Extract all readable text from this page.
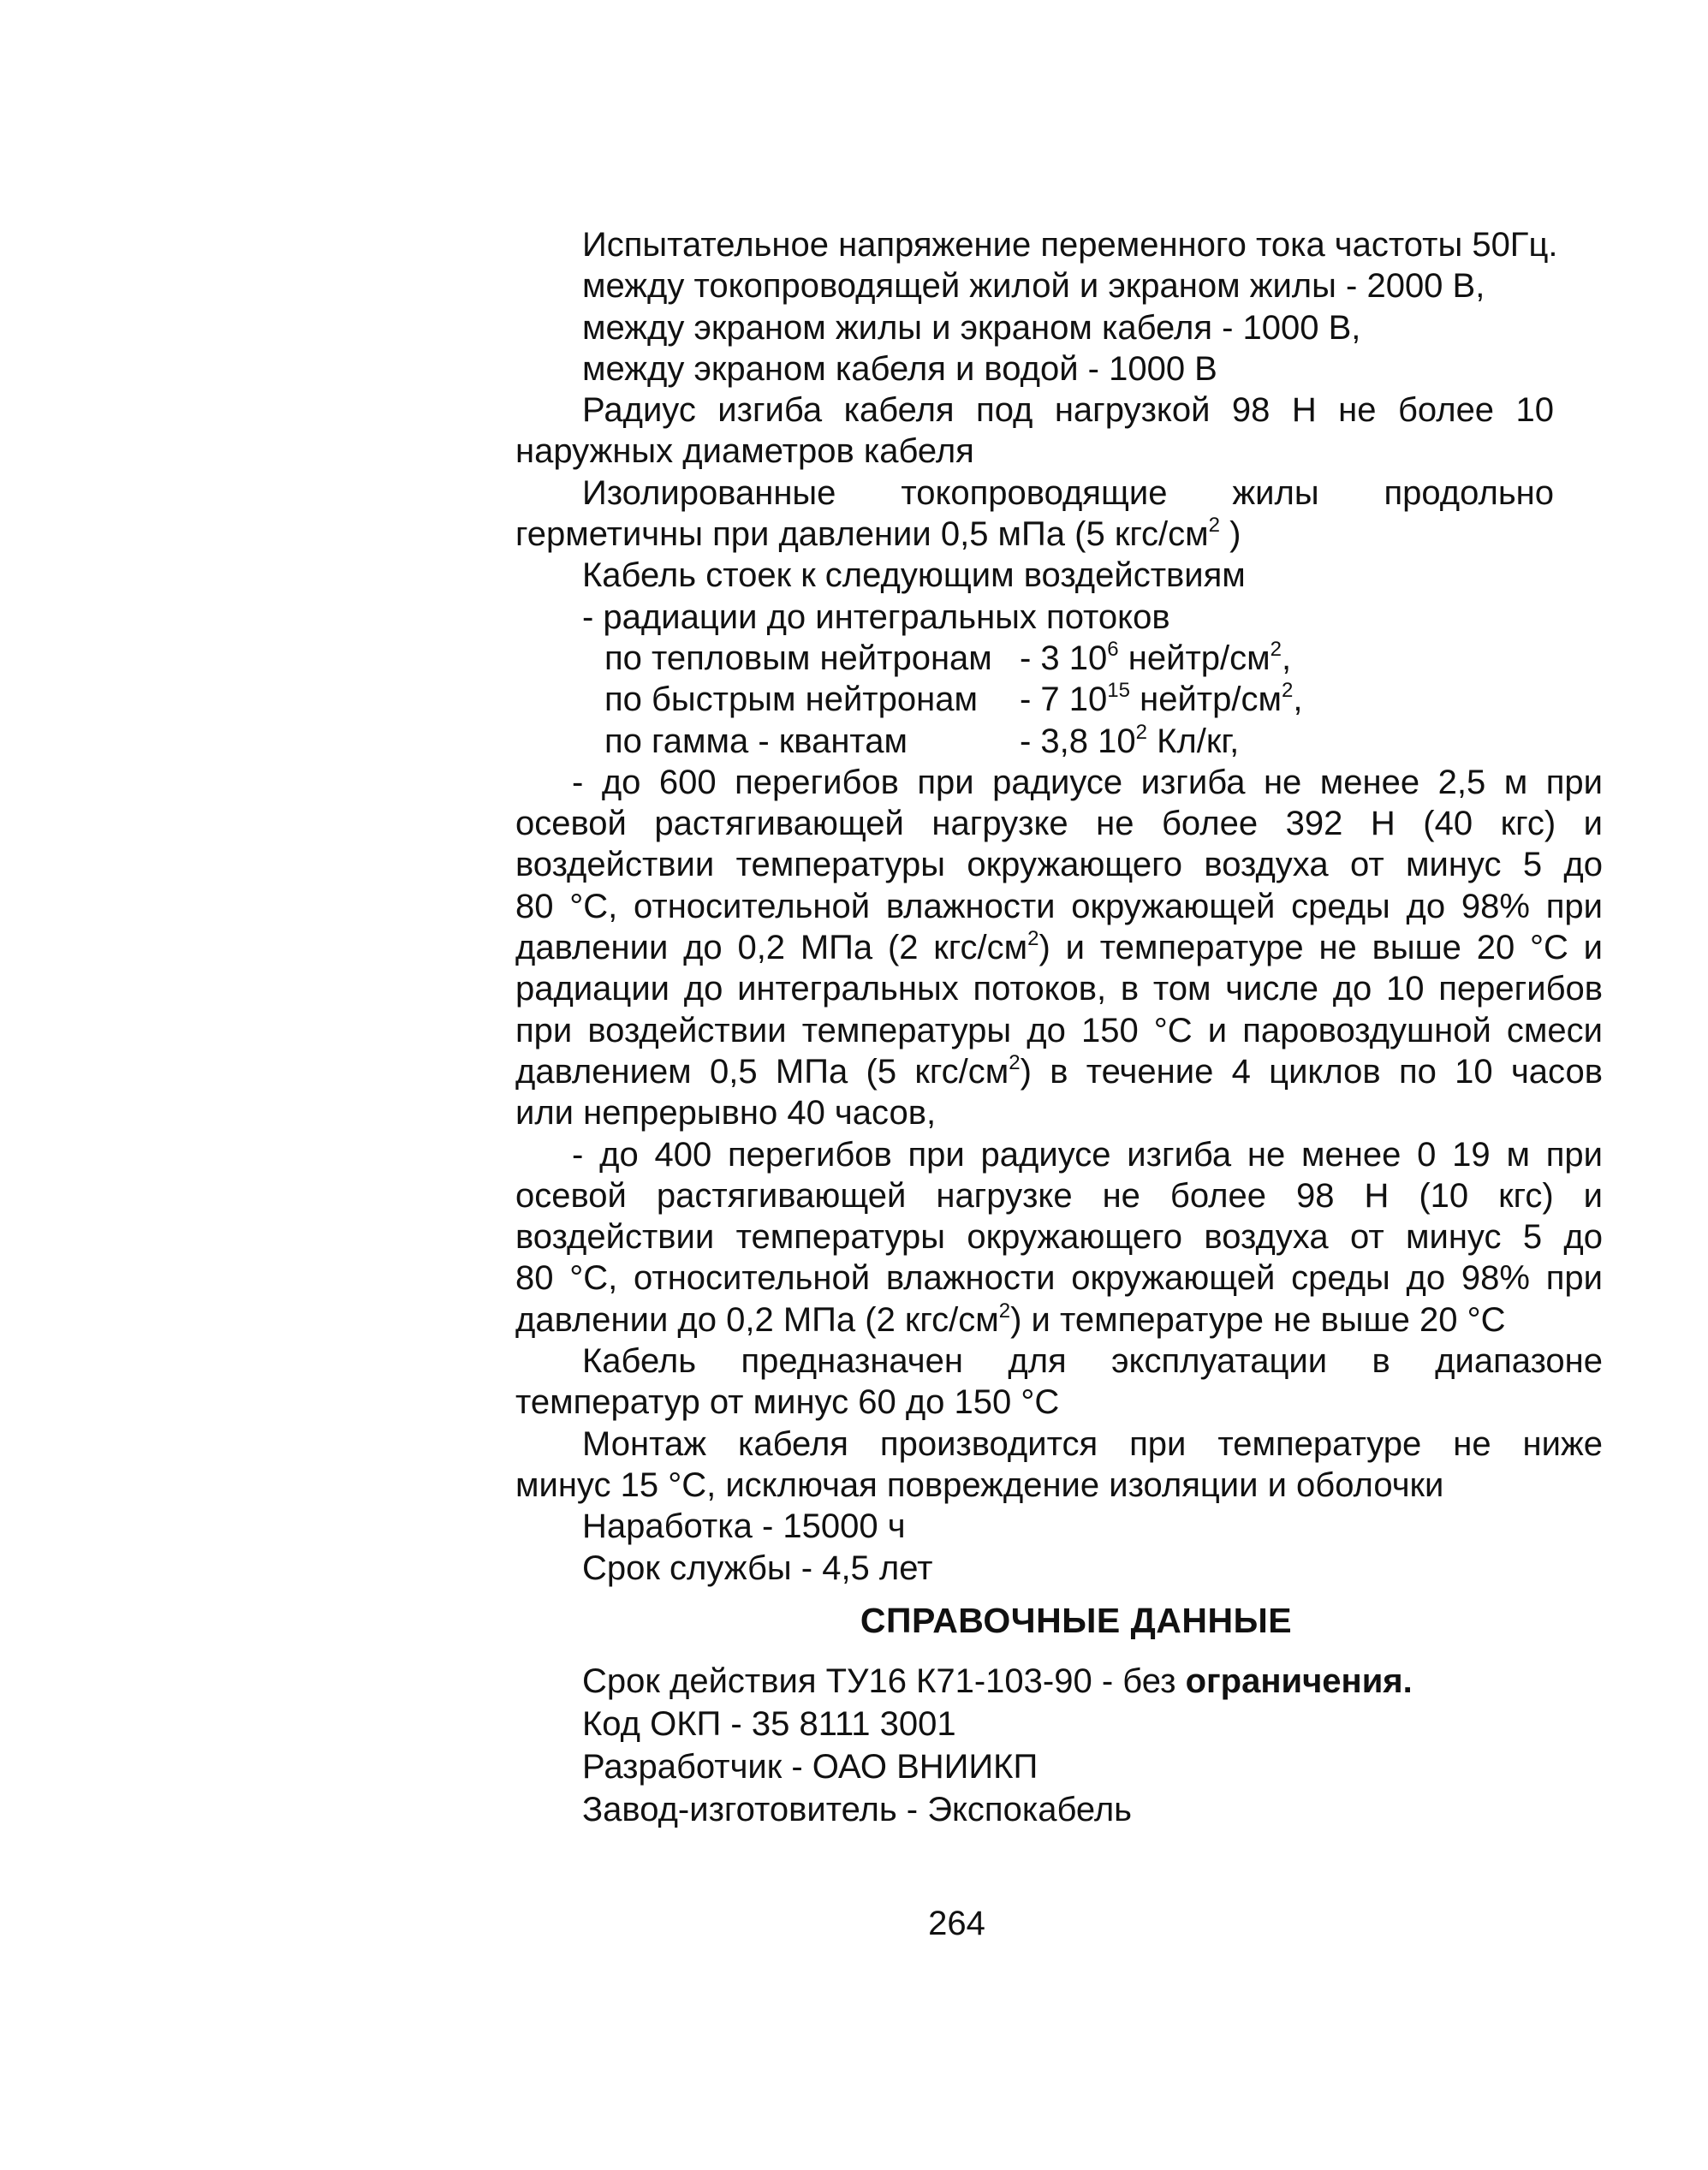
Испытательное напряжение переменного тока частоты 50Гц.
между токопроводящей жилой и экраном жилы - 2000 В,
между экраном жилы и экраном кабеля - 1000 В,
между экраном кабеля и водой - 1000 В
Радиус изгиба кабеля под нагрузкой 98 Н не более 10
наружных диаметров кабеля
Изолированные токопроводящие жилы продольно
герметичны при давлении 0,5 мПа (5 кгс/$см^2$ )
Кабель стоек к следующим воздействиям
- радиации до интегральных потоков
по тепловым нейтронам - 3 $10^6$ нейтр/$см^2$,
по быстрым нейтронам	- 7 $10^{15}$ нейтр/$см^2$,
по гамма - квантам	- 3,8 $10^2$ Кл/кг,
- до 600 перегибов при радиусе изгиба не менее 2,5 м при
осевой растягивающей нагрузке не более 392 Н (40 кгс) и
воздействии температуры окружающего воздуха от минус 5 до
80 °С, относительной влажности окружающей среды до 98% при
давлении до 0,2 МПа (2 кгс/$см^2$) и температуре не выше 20 °С и
радиации до интегральных потоков, в том числе до 10 перегибов
при воздействии температуры до 150 °С и паровоздушной смеси
давлением 0,5 МПа (5 кгс/$см^2$) в течение 4 циклов по 10 часов
или непрерывно 40 часов,
- до 400 перегибов при радиусе изгиба не менее 0 19 м при
осевой растягивающей нагрузке не более 98 Н (10 кгс) и
воздействии температуры окружающего воздуха от минус 5 до
80 °С, относительной влажности окружающей среды до 98% при
давлении до 0,2 МПа (2 кгс/$см^2$) и температуре не выше 20 °С
Кабель предназначен для эксплуатации в диапазоне
температур от минус 60 до 150 °С
Монтаж кабеля производится при температуре не ниже
минус 15 °С, исключая повреждение изоляции и оболочки
Наработка - 15000 ч
Срок службы - 4,5 лет
СПРАВОЧНЫЕ ДАННЫЕ
Срок действия ТУ16 К71-103-90 - без ограничения.
Код ОКП - 35 8111 3001
Разработчик - ОАО ВНИИКП
Завод-изготовитель - Экспокабель
264
